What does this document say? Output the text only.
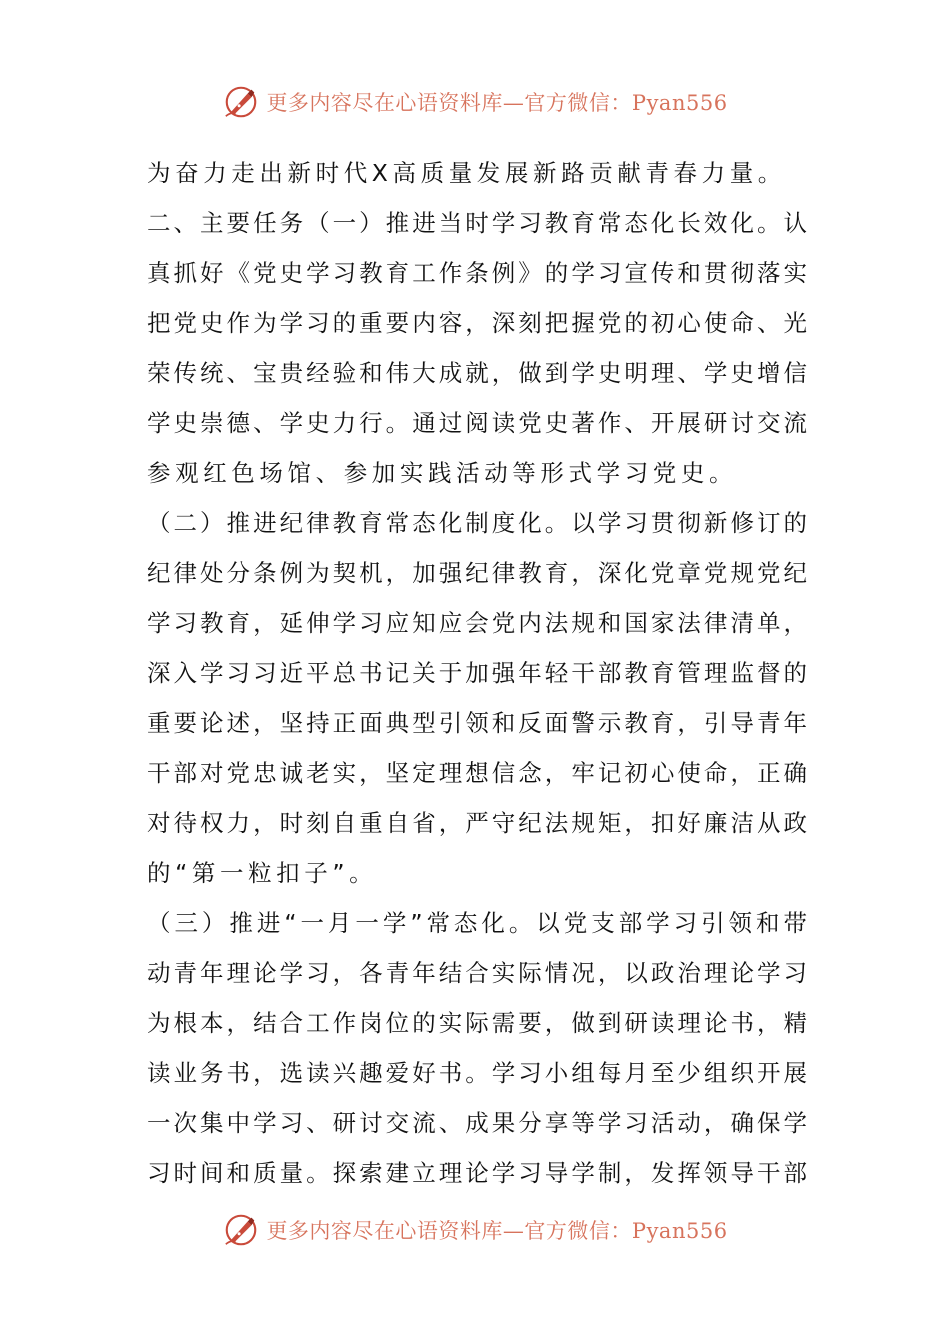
更多内容尽在心语资料库—官方微信：Pyan556
为奋力走出新时代X高质量发展新路贡献青春力量。
二、主要任务（一）推进当时学习教育常态化长效化。认
真抓好《党史学习教育工作条例》的学习宣传和贯彻落实
把党史作为学习的重要内容，深刻把握党的初心使命、光
荣传统、宝贵经验和伟大成就，做到学史明理、学史增信
学史崇德、学史力行。通过阅读党史著作、开展研讨交流
参观红色场馆、参加实践活动等形式学习党史。
（二）推进纪律教育常态化制度化。以学习贯彻新修订的
纪律处分条例为契机，加强纪律教育，深化党章党规党纪
学习教育，延伸学习应知应会党内法规和国家法律清单，
深入学习习近平总书记关于加强年轻干部教育管理监督的
重要论述，坚持正面典型引领和反面警示教育，引导青年
干部对党忠诚老实，坚定理想信念，牢记初心使命，正确
对待权力，时刻自重自省，严守纪法规矩，扣好廉洁从政
的“第一粒扣子”。
（三）推进“一月一学”常态化。以党支部学习引领和带
动青年理论学习，各青年结合实际情况，以政治理论学习
为根本，结合工作岗位的实际需要，做到研读理论书，精
读业务书，选读兴趣爱好书。学习小组每月至少组织开展
一次集中学习、研讨交流、成果分享等学习活动，确保学
习时间和质量。探索建立理论学习导学制，发挥领导干部
更多内容尽在心语资料库—官方微信：Pyan556
